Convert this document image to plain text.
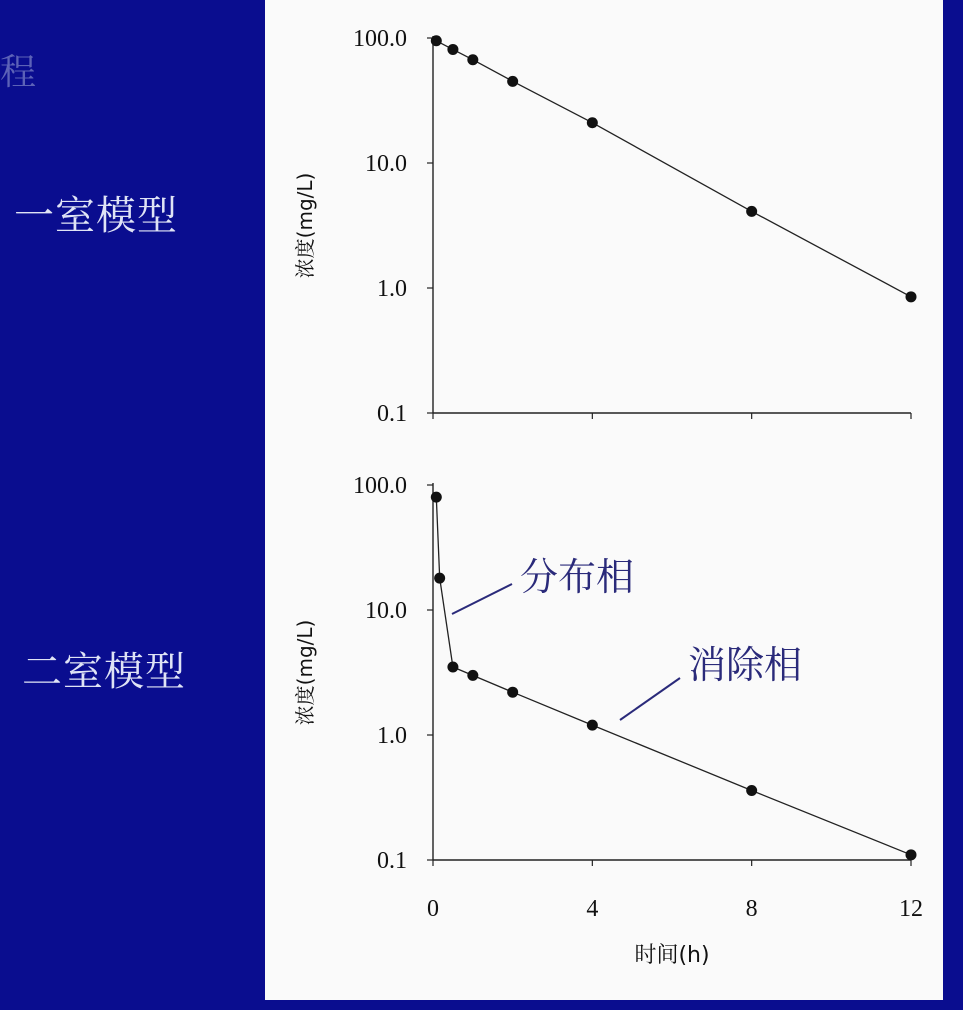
程
一室模型
二室模型
100.0
10.0
1.0
0.1
浓度(mg/L)
100.0
10.0
1.0
0.1
0	4	8	12
浓度(mg/L)
时间(h)
分布相
消除相
